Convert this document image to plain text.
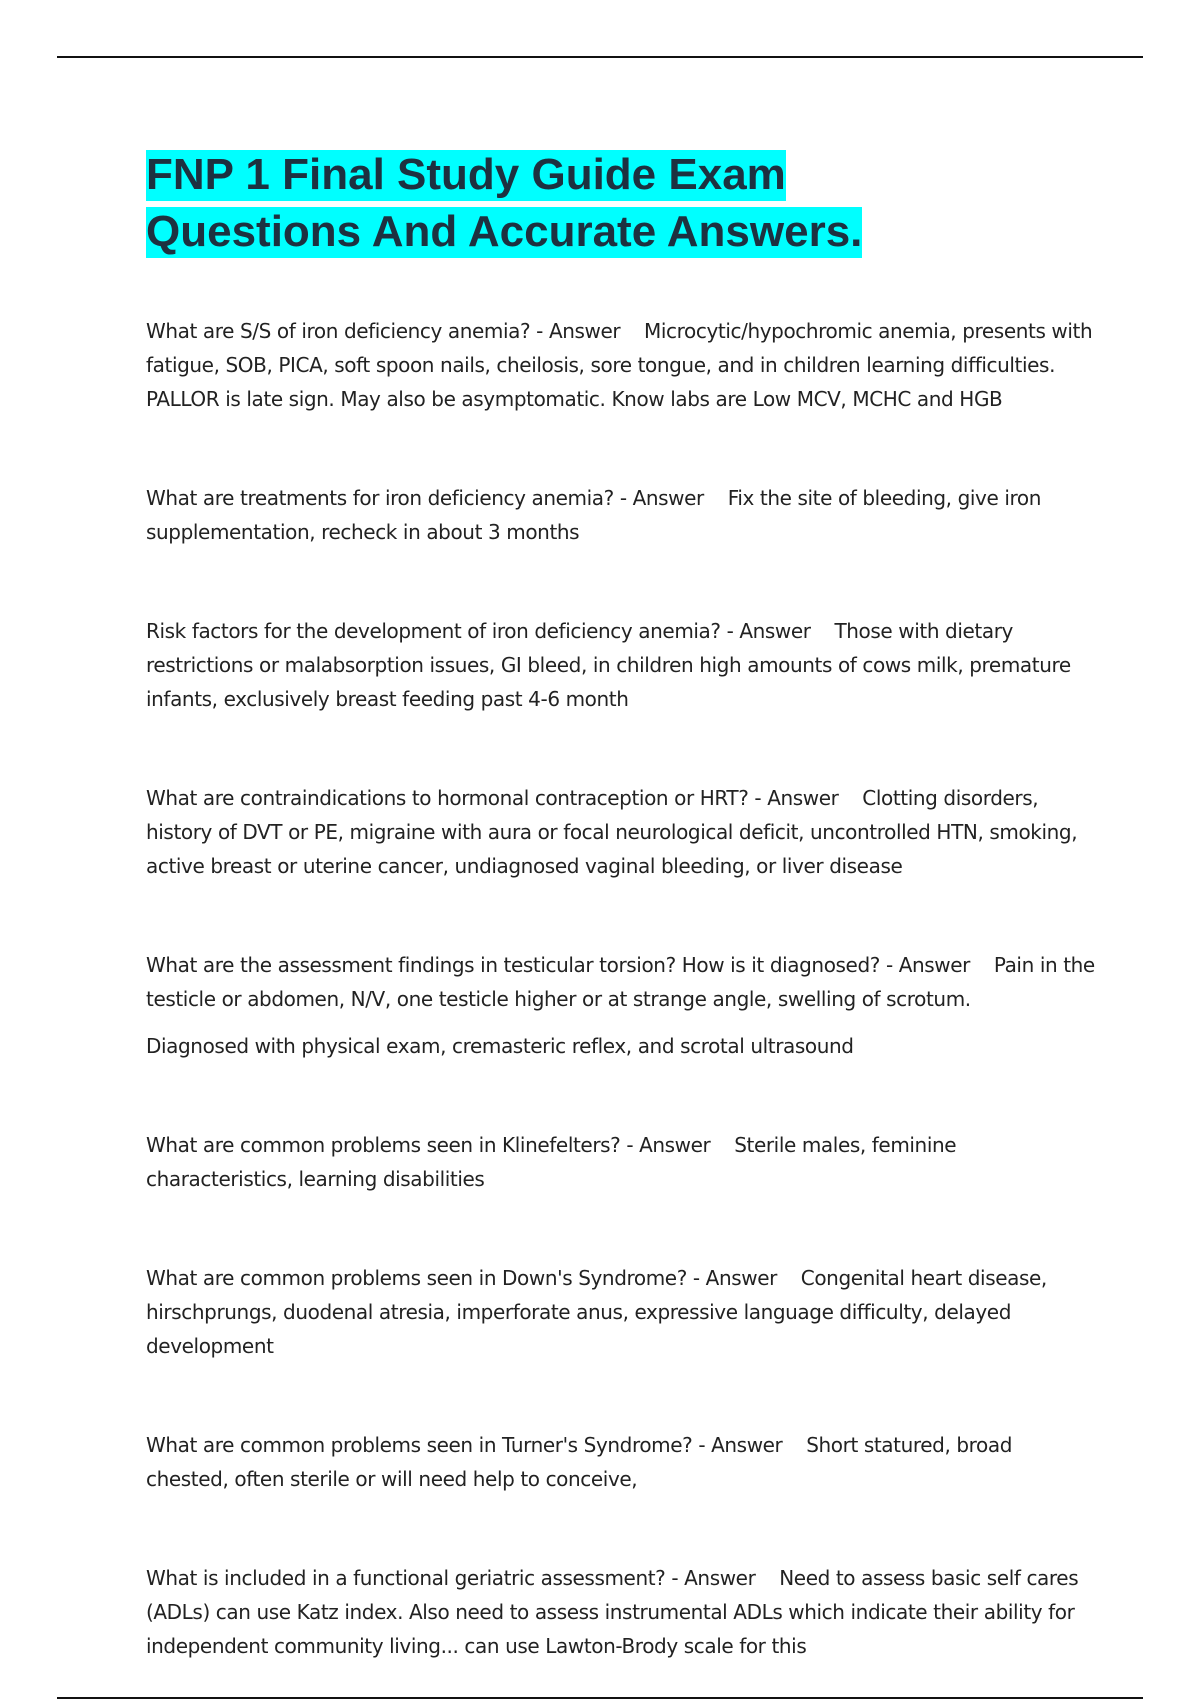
FNP 1 Final Study Guide Exam Questions And Accurate Answers.

What are S/S of iron deficiency anemia? - Answer    Microcytic/hypochromic anemia, presents with fatigue, SOB, PICA, soft spoon nails, cheilosis, sore tongue, and in children learning difficulties. PALLOR is late sign. May also be asymptomatic. Know labs are Low MCV, MCHC and HGB

What are treatments for iron deficiency anemia? - Answer    Fix the site of bleeding, give iron supplementation, recheck in about 3 months

Risk factors for the development of iron deficiency anemia? - Answer    Those with dietary restrictions or malabsorption issues, GI bleed, in children high amounts of cows milk, premature infants, exclusively breast feeding past 4-6 month

What are contraindications to hormonal contraception or HRT? - Answer    Clotting disorders, history of DVT or PE, migraine with aura or focal neurological deficit, uncontrolled HTN, smoking, active breast or uterine cancer, undiagnosed vaginal bleeding, or liver disease

What are the assessment findings in testicular torsion? How is it diagnosed? - Answer    Pain in the testicle or abdomen, N/V, one testicle higher or at strange angle, swelling of scrotum.

Diagnosed with physical exam, cremasteric reflex, and scrotal ultrasound

What are common problems seen in Klinefelters? - Answer    Sterile males, feminine characteristics, learning disabilities

What are common problems seen in Down's Syndrome? - Answer    Congenital heart disease, hirschprungs, duodenal atresia, imperforate anus, expressive language difficulty, delayed development

What are common problems seen in Turner's Syndrome? - Answer    Short statured, broad chested, often sterile or will need help to conceive,

What is included in a functional geriatric assessment? - Answer    Need to assess basic self cares (ADLs) can use Katz index. Also need to assess instrumental ADLs which indicate their ability for independent community living... can use Lawton-Brody scale for this
